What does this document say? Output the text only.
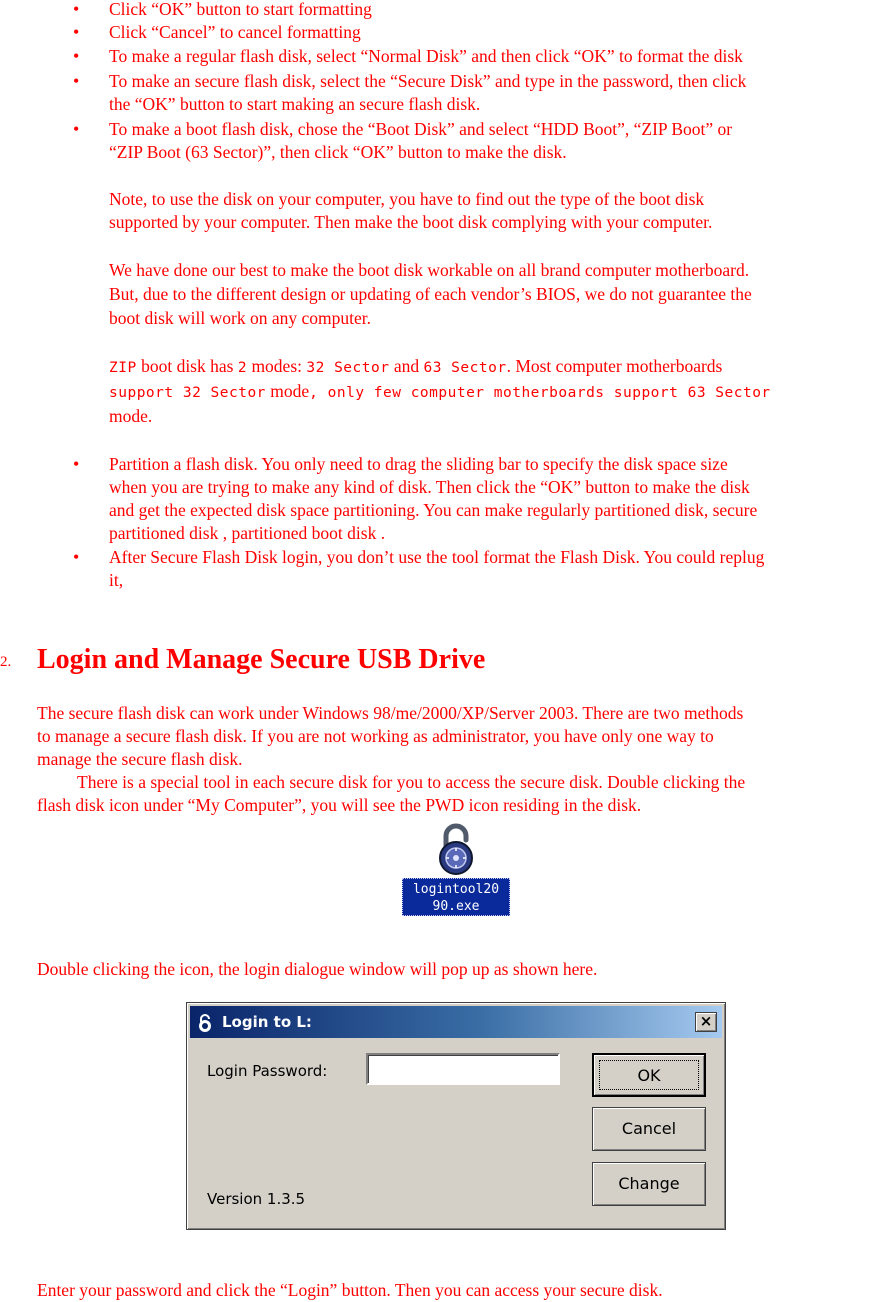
• Click “OK” button to start formatting
• Click “Cancel” to cancel formatting
• To make a regular flash disk, select “Normal Disk” and then click “OK” to format the disk
• To make an secure flash disk, select the “Secure Disk” and type in the password, then click
the “OK” button to start making an secure flash disk.
• To make a boot flash disk, chose the “Boot Disk” and select “HDD Boot”, “ZIP Boot” or
“ZIP Boot (63 Sector)”, then click “OK” button to make the disk.
Note, to use the disk on your computer, you have to find out the type of the boot disk
supported by your computer. Then make the boot disk complying with your computer.
We have done our best to make the boot disk workable on all brand computer motherboard.
But, due to the different design or updating of each vendor’s BIOS, we do not guarantee the
boot disk will work on any computer.
ZIP boot disk has 2 modes: 32 Sector and 63 Sector. Most computer motherboards
support 32 Sector mode, only few computer motherboards support 63 Sector
mode.
• Partition a flash disk. You only need to drag the sliding bar to specify the disk space size
when you are trying to make any kind of disk. Then click the “OK” button to make the disk
and get the expected disk space partitioning. You can make regularly partitioned disk, secure
partitioned disk , partitioned boot disk .
• After Secure Flash Disk login, you don’t use the tool format the Flash Disk. You could replug
it,
2. Login and Manage Secure USB Drive
The secure flash disk can work under Windows 98/me/2000/XP/Server 2003. There are two methods
to manage a secure flash disk. If you are not working as administrator, you have only one way to
manage the secure flash disk.
There is a special tool in each secure disk for you to access the secure disk. Double clicking the
flash disk icon under “My Computer”, you will see the PWD icon residing in the disk.
logintool20
90.exe
Double clicking the icon, the login dialogue window will pop up as shown here.
Login to L:	×
Login Password:	OK
Cancel
Change
Version 1.3.5
Enter your password and click the “Login” button. Then you can access your secure disk.
